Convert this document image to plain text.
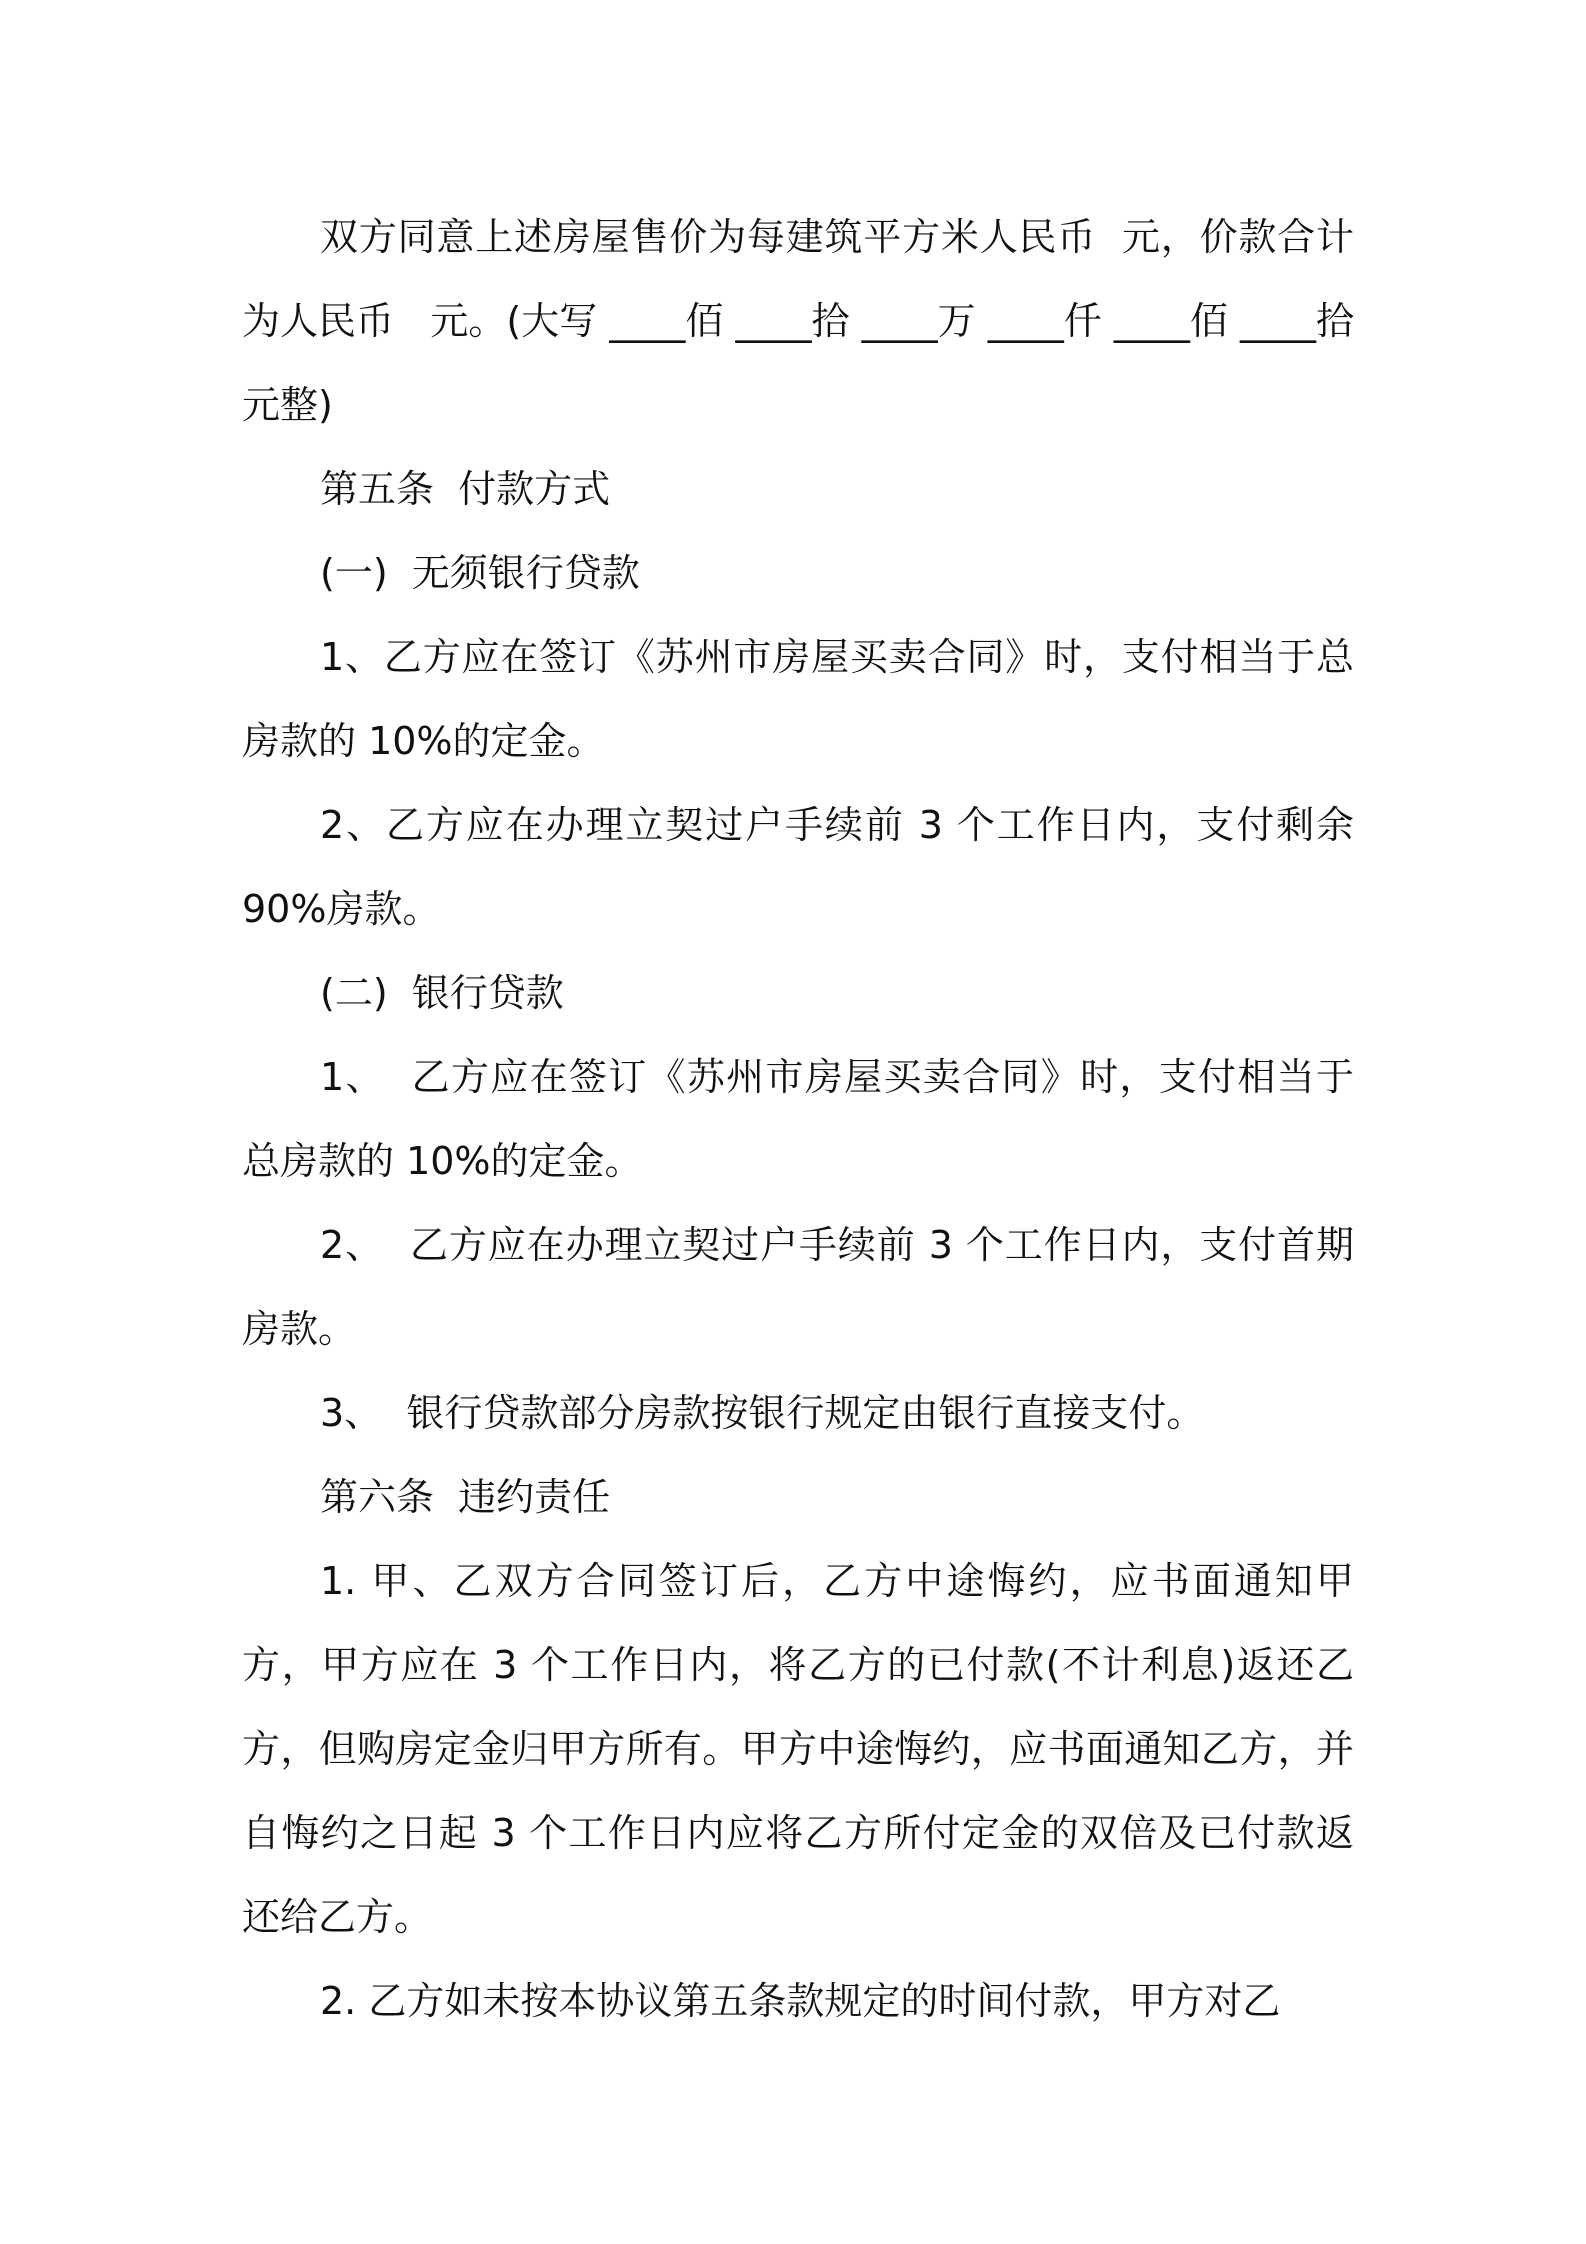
双方同意上述房屋售价为每建筑平方米人民币  元，价款合计为人民币   元。(大写 ____佰 ____拾 ____万 ____仟 ____佰 ____拾元整)

第五条  付款方式

(一)  无须银行贷款

1、乙方应在签订《苏州市房屋买卖合同》时，支付相当于总房款的 10%的定金。

2、乙方应在办理立契过户手续前 3 个工作日内，支付剩余 90%房款。

(二)  银行贷款

1、  乙方应在签订《苏州市房屋买卖合同》时，支付相当于总房款的 10%的定金。

2、  乙方应在办理立契过户手续前 3 个工作日内，支付首期房款。

3、  银行贷款部分房款按银行规定由银行直接支付。

第六条  违约责任

1. 甲、乙双方合同签订后，乙方中途悔约，应书面通知甲方，甲方应在 3 个工作日内，将乙方的已付款(不计利息)返还乙方，但购房定金归甲方所有。甲方中途悔约，应书面通知乙方，并自悔约之日起 3 个工作日内应将乙方所付定金的双倍及已付款返还给乙方。

2. 乙方如未按本协议第五条款规定的时间付款，甲方对乙
